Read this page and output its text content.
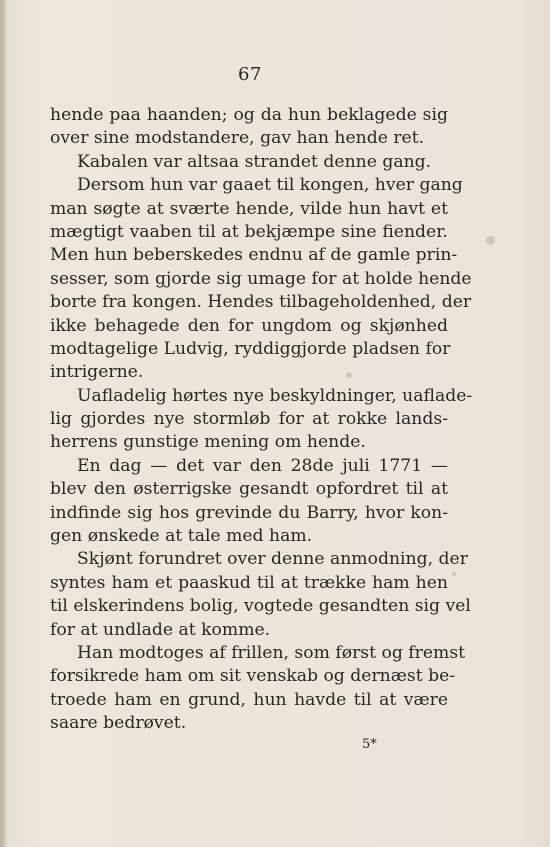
67
hende paa haanden; og da hun beklagede sig
over sine modstandere, gav han hende ret.
Kabalen var altsaa strandet denne gang.
Dersom hun var gaaet til kongen, hver gang
man søgte at sværte hende, vilde hun havt et
mægtigt vaaben til at bekjæmpe sine fiender.
Men hun beberskedes endnu af de gamle prin-
sesser, som gjorde sig umage for at holde hende
borte fra kongen. Hendes tilbageholdenhed, der
ikke behagede den for ungdom og skjønhed
modtagelige Ludvig, ryddiggjorde pladsen for
intrigerne.
Uafladelig hørtes nye beskyldninger, uaflade-
lig gjordes nye stormløb for at rokke lands-
herrens gunstige mening om hende.
En dag — det var den 28de juli 1771 —
blev den østerrigske gesandt opfordret til at
indfinde sig hos grevinde du Barry, hvor kon-
gen ønskede at tale med ham.
Skjønt forundret over denne anmodning, der
syntes ham et paaskud til at trække ham hen
til elskerindens bolig, vogtede gesandten sig vel
for at undlade at komme.
Han modtoges af frillen, som først og fremst
forsikrede ham om sit venskab og dernæst be-
troede ham en grund, hun havde til at være
saare bedrøvet.
5*
